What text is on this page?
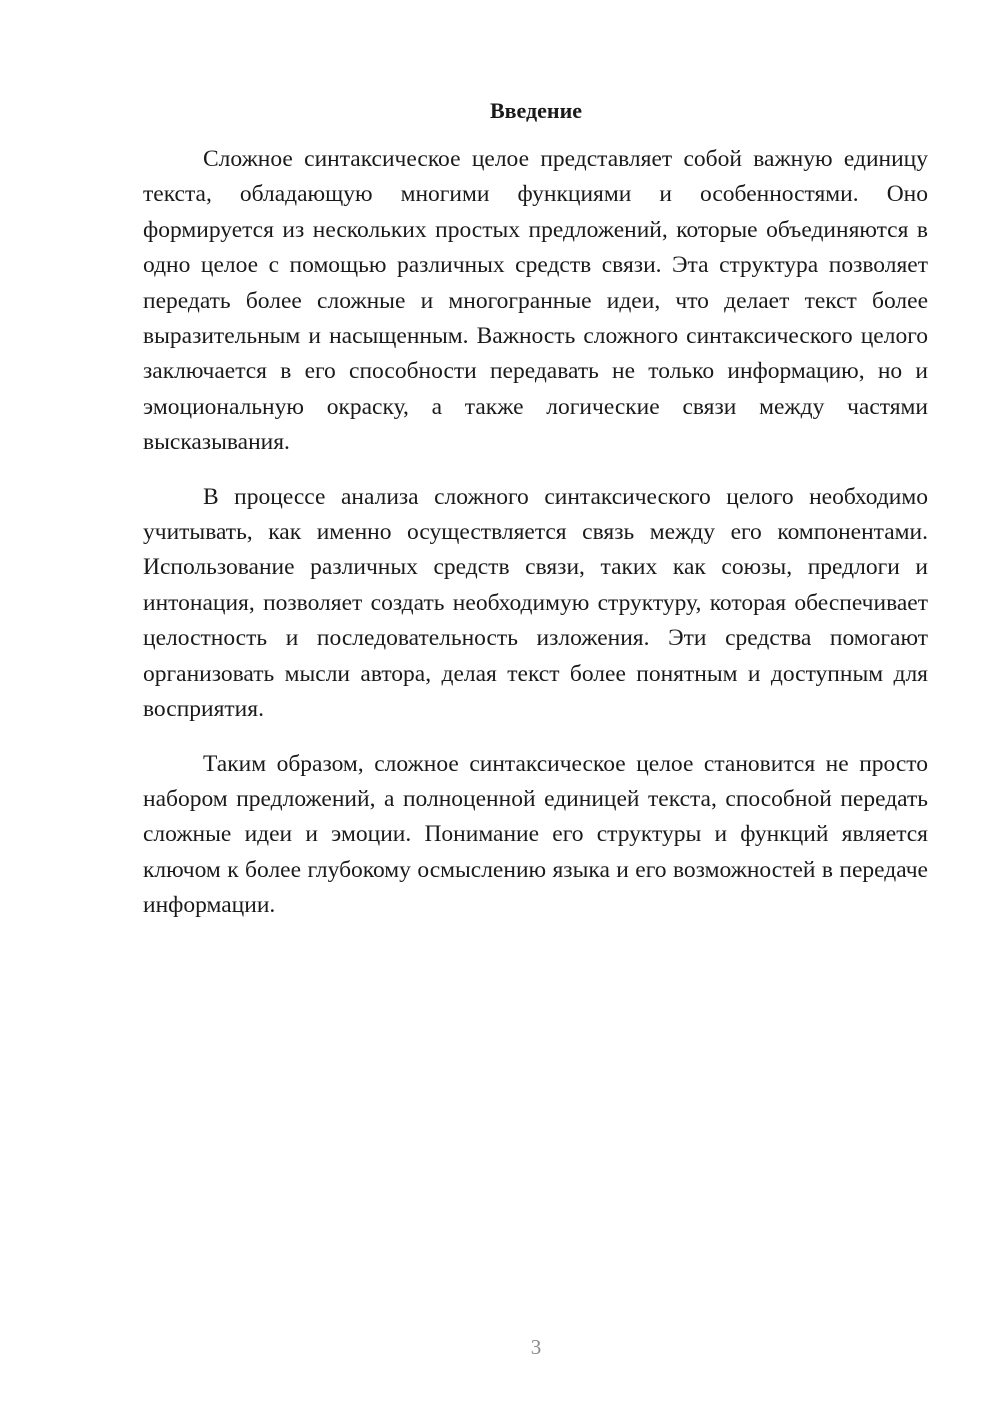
Введение

Сложное синтаксическое целое представляет собой важную единицу текста, обладающую многими функциями и особенностями. Оно формируется из нескольких простых предложений, которые объединяются в одно целое с помощью различных средств связи. Эта структура позволяет передать более сложные и многогранные идеи, что делает текст более выразительным и насыщенным. Важность сложного синтаксического целого заключается в его способности передавать не только информацию, но и эмоциональную окраску, а также логические связи между частями высказывания.

В процессе анализа сложного синтаксического целого необходимо учитывать, как именно осуществляется связь между его компонентами. Использование различных средств связи, таких как союзы, предлоги и интонация, позволяет создать необходимую структуру, которая обеспечивает целостность и последовательность изложения. Эти средства помогают организовать мысли автора, делая текст более понятным и доступным для восприятия.

Таким образом, сложное синтаксическое целое становится не просто набором предложений, а полноценной единицей текста, способной передать сложные идеи и эмоции. Понимание его структуры и функций является ключом к более глубокому осмыслению языка и его возможностей в передаче информации.

3
